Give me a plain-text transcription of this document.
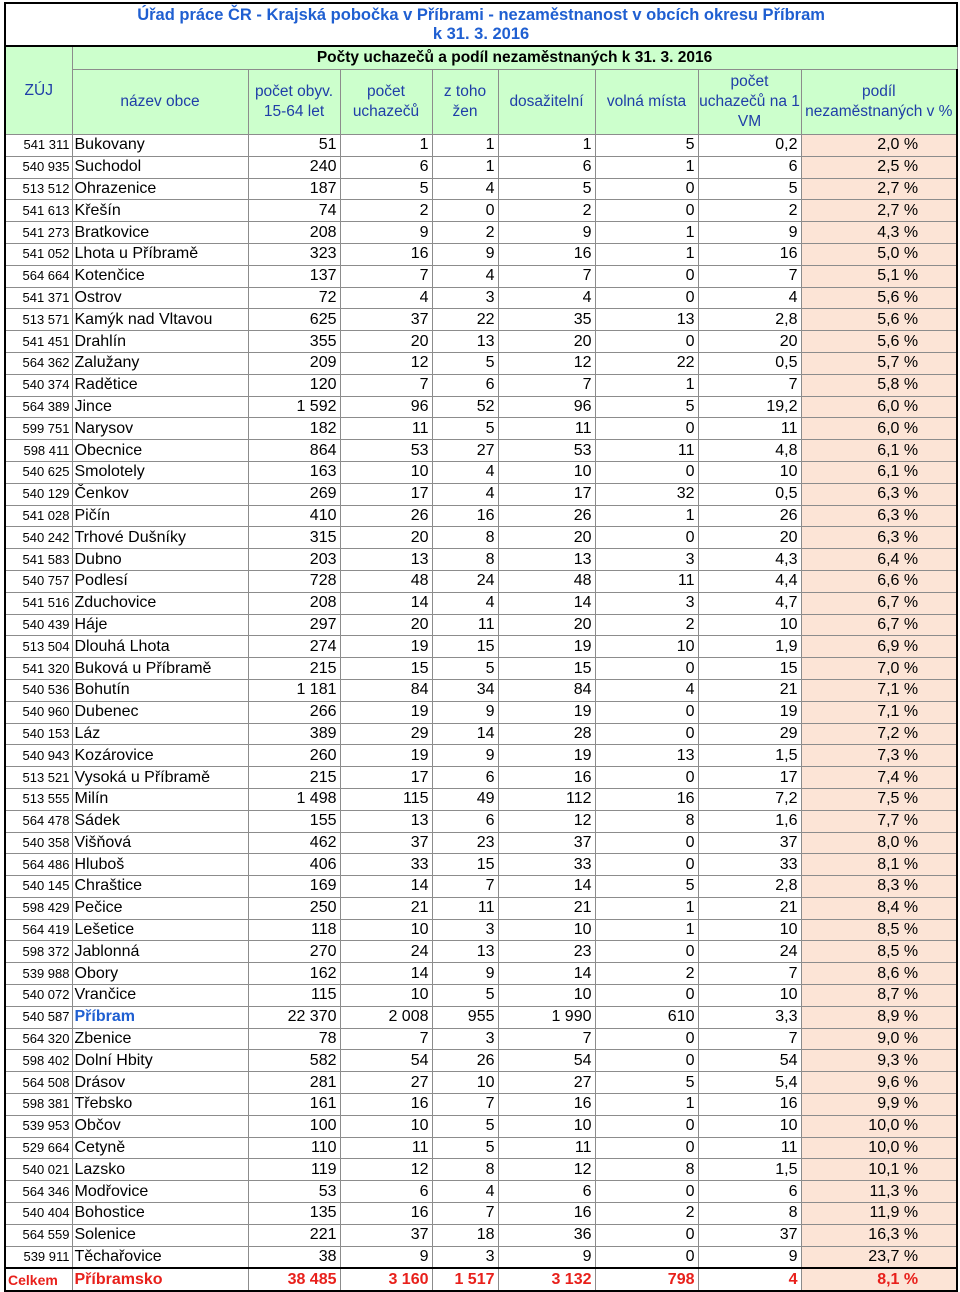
Úřad práce ČR - Krajská pobočka v Příbrami - nezaměstnanost v obcích okresu Příbram
k 31. 3. 2016								

ZÚJ	Počty uchazečů a podíl nezaměstnaných k 31. 3. 2016							
	název obce	počet obyv. 15-64 let	počet uchazečů	z toho žen	dosažitelní	volná místa	počet uchazečů na 1 VM	podíl nezaměstnaných v %
541 311	Bukovany	51	1	1	1	5	0,2	2,0 %
540 935	Suchodol	240	6	1	6	1	6	2,5 %
513 512	Ohrazenice	187	5	4	5	0	5	2,7 %
541 613	Křešín	74	2	0	2	0	2	2,7 %
541 273	Bratkovice	208	9	2	9	1	9	4,3 %
541 052	Lhota u Příbramě	323	16	9	16	1	16	5,0 %
564 664	Kotenčice	137	7	4	7	0	7	5,1 %
541 371	Ostrov	72	4	3	4	0	4	5,6 %
513 571	Kamýk nad Vltavou	625	37	22	35	13	2,8	5,6 %
541 451	Drahlín	355	20	13	20	0	20	5,6 %
564 362	Zalužany	209	12	5	12	22	0,5	5,7 %
540 374	Radětice	120	7	6	7	1	7	5,8 %
564 389	Jince	1 592	96	52	96	5	19,2	6,0 %
599 751	Narysov	182	11	5	11	0	11	6,0 %
598 411	Obecnice	864	53	27	53	11	4,8	6,1 %
540 625	Smolotely	163	10	4	10	0	10	6,1 %
540 129	Čenkov	269	17	4	17	32	0,5	6,3 %
541 028	Pičín	410	26	16	26	1	26	6,3 %
540 242	Trhové Dušníky	315	20	8	20	0	20	6,3 %
541 583	Dubno	203	13	8	13	3	4,3	6,4 %
540 757	Podlesí	728	48	24	48	11	4,4	6,6 %
541 516	Zduchovice	208	14	4	14	3	4,7	6,7 %
540 439	Háje	297	20	11	20	2	10	6,7 %
513 504	Dlouhá Lhota	274	19	15	19	10	1,9	6,9 %
541 320	Buková u Příbramě	215	15	5	15	0	15	7,0 %
540 536	Bohutín	1 181	84	34	84	4	21	7,1 %
540 960	Dubenec	266	19	9	19	0	19	7,1 %
540 153	Láz	389	29	14	28	0	29	7,2 %
540 943	Kozárovice	260	19	9	19	13	1,5	7,3 %
513 521	Vysoká u Příbramě	215	17	6	16	0	17	7,4 %
513 555	Milín	1 498	115	49	112	16	7,2	7,5 %
564 478	Sádek	155	13	6	12	8	1,6	7,7 %
540 358	Višňová	462	37	23	37	0	37	8,0 %
564 486	Hluboš	406	33	15	33	0	33	8,1 %
540 145	Chraštice	169	14	7	14	5	2,8	8,3 %
598 429	Pečice	250	21	11	21	1	21	8,4 %
564 419	Lešetice	118	10	3	10	1	10	8,5 %
598 372	Jablonná	270	24	13	23	0	24	8,5 %
539 988	Obory	162	14	9	14	2	7	8,6 %
540 072	Vrančice	115	10	5	10	0	10	8,7 %
540 587	Příbram	22 370	2 008	955	1 990	610	3,3	8,9 %
564 320	Zbenice	78	7	3	7	0	7	9,0 %
598 402	Dolní Hbity	582	54	26	54	0	54	9,3 %
564 508	Drásov	281	27	10	27	5	5,4	9,6 %
598 381	Třebsko	161	16	7	16	1	16	9,9 %
539 953	Občov	100	10	5	10	0	10	10,0 %
529 664	Cetyně	110	11	5	11	0	11	10,0 %
540 021	Lazsko	119	12	8	12	8	1,5	10,1 %
564 346	Modřovice	53	6	4	6	0	6	11,3 %
540 404	Bohostice	135	16	7	16	2	8	11,9 %
564 559	Solenice	221	37	18	36	0	37	16,3 %
539 911	Těchařovice	38	9	3	9	0	9	23,7 %
Celkem	Příbramsko	38 485	3 160	1 517	3 132	798	4	8,1 %
